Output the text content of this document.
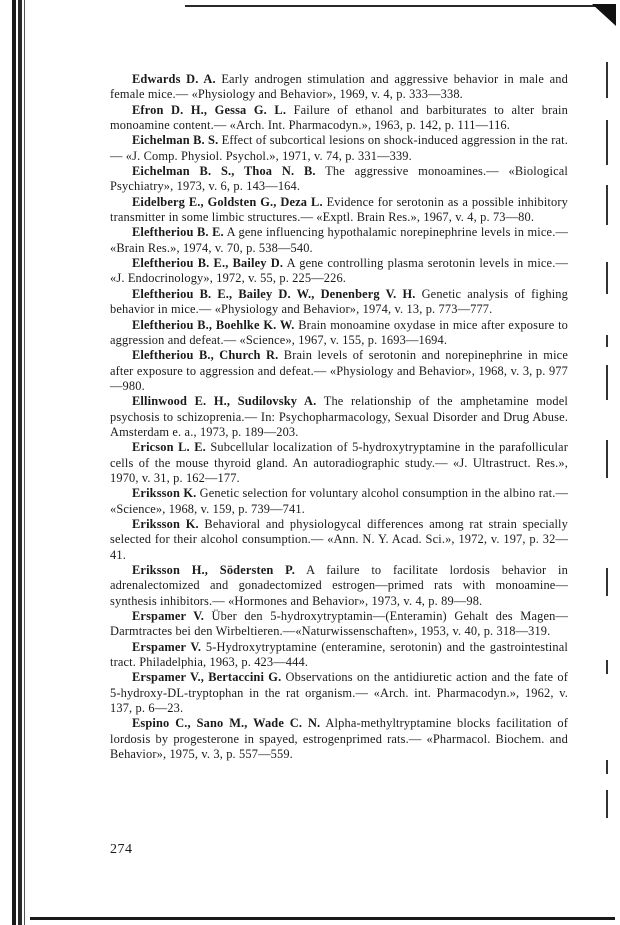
Edwards D. A. Early androgen stimulation and aggressive behavior in male and female mice.— «Physiology and Behavior», 1969, v. 4, p. 333—338.

Efron D. H., Gessa G. L. Failure of ethanol and barbiturates to alter brain monoamine content.— «Arch. Int. Pharmacodyn.», 1963, p. 142, p. 111—116.

Eichelman B. S. Effect of subcortical lesions on shock-induced aggression in the rat.— «J. Comp. Physiol. Psychol.», 1971, v. 74, p. 331—339.

Eichelman B. S., Thoa N. B. The aggressive monoamines.— «Biological Psychiatry», 1973, v. 6, p. 143—164.

Eidelberg E., Goldsten G., Deza L. Evidence for serotonin as a possible inhibitory transmitter in some limbic structures.— «Exptl. Brain Res.», 1967, v. 4, p. 73—80.

Eleftheriou B. E. A gene influencing hypothalamic norepinephrine levels in mice.— «Brain Res.», 1974, v. 70, p. 538—540.

Eleftheriou B. E., Bailey D. A gene controlling plasma serotonin levels in mice.— «J. Endocrinology», 1972, v. 55, p. 225—226.

Eleftheriou B. E., Bailey D. W., Denenberg V. H. Genetic analysis of fighing behavior in mice.— «Physiology and Behavior», 1974, v. 13, p. 773—777.

Eleftheriou B., Boehlke K. W. Brain monoamine oxydase in mice after exposure to aggression and defeat.— «Science», 1967, v. 155, p. 1693—1694.

Eleftheriou B., Church R. Brain levels of serotonin and norepinephrine in mice after exposure to aggression and defeat.— «Physiology and Behavior», 1968, v. 3, p. 977—980.

Ellinwood E. H., Sudilovsky A. The relationship of the amphetamine model psychosis to schizoprenia.— In: Psychopharmacology, Sexual Disorder and Drug Abuse. Amsterdam e. a., 1973, p. 189—203.

Ericson L. E. Subcellular localization of 5-hydroxytryptamine in the parafollicular cells of the mouse thyroid gland. An autoradiographic study.— «J. Ultrastruct. Res.», 1970, v. 31, p. 162—177.

Eriksson K. Genetic selection for voluntary alcohol consumption in the albino rat.— «Science», 1968, v. 159, p. 739—741.

Eriksson K. Behavioral and physiologycal differences among rat strain specially selected for their alcohol consumption.— «Ann. N. Y. Acad. Sci.», 1972, v. 197, p. 32—41.

Eriksson H., Södersten P. A failure to facilitate lordosis behavior in adrenalectomized and gonadectomized estrogen—primed rats with monoamine—synthesis inhibitors.— «Hormones and Behavior», 1973, v. 4, p. 89—98.

Erspamer V. Über den 5-hydroxytryptamin—(Enteramin) Gehalt des Magen—Darmtractes bei den Wirbeltieren.—«Naturwissenschaften», 1953, v. 40, p. 318—319.

Erspamer V. 5-Hydroxytryptamine (enteramine, serotonin) and the gastrointestinal tract. Philadelphia, 1963, p. 423—444.

Erspamer V., Bertaccini G. Observations on the antidiuretic action and the fate of 5-hydroxy-DL-tryptophan in the rat organism.— «Arch. int. Pharmacodyn.», 1962, v. 137, p. 6—23.

Espino C., Sano M., Wade C. N. Alpha-methyltryptamine blocks facilitation of lordosis by progesterone in spayed, estrogenprimed rats.— «Pharmacol. Biochem. and Behavior», 1975, v. 3, p. 557—559.

274
